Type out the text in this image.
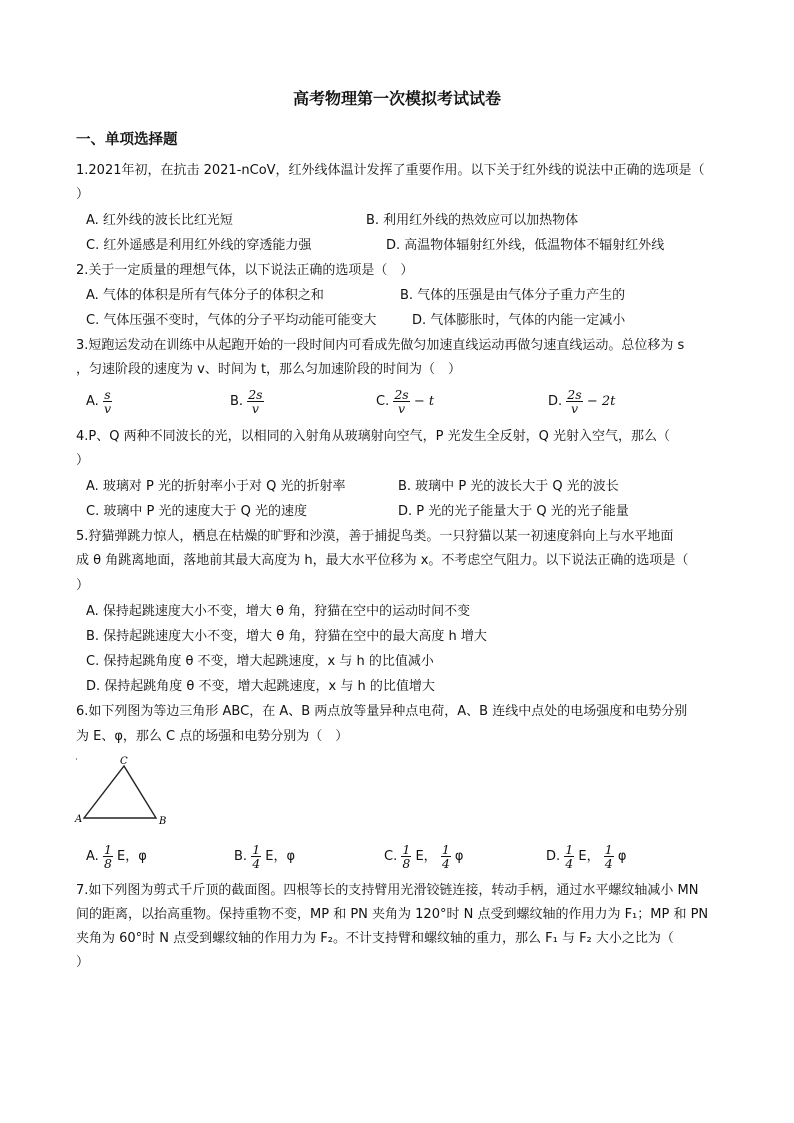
高考物理第一次模拟考试试卷
一、单项选择题
1.2021年初，在抗击 2021-nCoV，红外线体温计发挥了重要作用。以下关于红外线的说法中正确的选项是（
）
A. 红外线的波长比红光短	B. 利用红外线的热效应可以加热物体
C. 红外遥感是利用红外线的穿透能力强	D. 高温物体辐射红外线，低温物体不辐射红外线
2.关于一定质量的理想气体，以下说法正确的选项是（　）
A. 气体的体积是所有气体分子的体积之和	B. 气体的压强是由气体分子重力产生的
C. 气体压强不变时，气体的分子平均动能可能变大	D. 气体膨胀时，气体的内能一定减小
3.短跑运发动在训练中从起跑开始的一段时间内可看成先做匀加速直线运动再做匀速直线运动。总位移为 s
，匀速阶段的速度为 v、时间为 t，那么匀加速阶段的时间为（　）
A. $\frac{s}{v}$	B. $\frac{2s}{v}$	C. $\frac{2s}{v} - t$	D. $\frac{2s}{v} - 2t$
4.P、Q 两种不同波长的光，以相同的入射角从玻璃射向空气，P 光发生全反射，Q 光射入空气，那么（
）
A. 玻璃对 P 光的折射率小于对 Q 光的折射率	B. 玻璃中 P 光的波长大于 Q 光的波长
C. 玻璃中 P 光的速度大于 Q 光的速度	D. P 光的光子能量大于 Q 光的光子能量
5.狩猫弹跳力惊人，栖息在枯燥的旷野和沙漠，善于捕捉鸟类。一只狩猫以某一初速度斜向上与水平地面
成 θ 角跳离地面，落地前其最大高度为 h，最大水平位移为 x。不考虑空气阻力。以下说法正确的选项是（
）
A. 保持起跳速度大小不变，增大 θ 角，狩猫在空中的运动时间不变
B. 保持起跳速度大小不变，增大 θ 角，狩猫在空中的最大高度 h 增大
C. 保持起跳角度 θ 不变，增大起跳速度，x 与 h 的比值减小
D. 保持起跳角度 θ 不变，增大起跳速度，x 与 h 的比值增大
6.如下列图为等边三角形 ABC，在 A、B 两点放等量异种点电荷，A、B 连线中点处的电场强度和电势分别
为 E、φ，那么 C 点的场强和电势分别为（　）
C
A	B
A. $\frac{1}{8}$ E，φ	B. $\frac{1}{4}$ E，φ	C. $\frac{1}{8}$ E， $\frac{1}{4}$ φ	D. $\frac{1}{4}$ E， $\frac{1}{4}$ φ
7.如下列图为剪式千斤顶的截面图。四根等长的支持臂用光滑铰链连接，转动手柄，通过水平螺纹轴减小 MN
间的距离，以抬高重物。保持重物不变，MP 和 PN 夹角为 120°时 N 点受到螺纹轴的作用力为 F₁；MP 和 PN
夹角为 60°时 N 点受到螺纹轴的作用力为 F₂。不计支持臂和螺纹轴的重力，那么 F₁ 与 F₂ 大小之比为（
）
